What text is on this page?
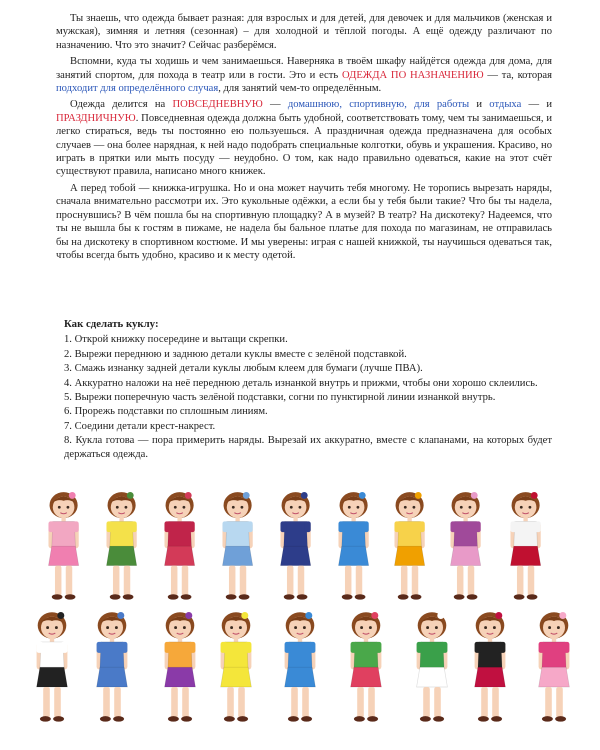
Ты знаешь, что одежда бывает разная: для взрослых и для детей, для девочек и для мальчиков (женская и мужская), зимняя и летняя (сезонная) – для холодной и тёплой погоды. А ещё одежду различают по назначению. Что это значит? Сейчас разберёмся.

Вспомни, куда ты ходишь и чем занимаешься. Наверняка в твоём шкафу найдётся одежда для дома, для занятий спортом, для похода в театр или в гости. Это и есть ОДЕЖДА ПО НАЗНАЧЕНИЮ — та, которая подходит для определённого случая, для занятий чем-то определённым.

Одежда делится на ПОВСЕДНЕВНУЮ — домашнюю, спортивную, для работы и отдыха — и ПРАЗДНИЧНУЮ. Повседневная одежда должна быть удобной, соответствовать тому, чем ты занимаешься, и легко стираться, ведь ты постоянно ею пользуешься. А праздничная одежда предназначена для особых случаев — она более нарядная, к ней надо подобрать специальные колготки, обувь и украшения. Красиво, но играть в прятки или мыть посуду — неудобно. О том, как надо правильно одеваться, какие на этот счёт существуют правила, написано много книжек.

А перед тобой — книжка-игрушка. Но и она может научить тебя многому. Не торопись вырезать наряды, сначала внимательно рассмотри их. Это кукольные одёжки, а если бы у тебя были такие? Что бы ты надела, проснувшись? В чём пошла бы на спортивную площадку? А в музей? В театр? На дискотеку? Надеемся, что ты не вышла бы к гостям в пижаме, не надела бы бальное платье для похода по магазинам, не отправилась бы на дискотеку в спортивном костюме. И мы уверены: играя с нашей книжкой, ты научишься одеваться так, чтобы всегда быть удобно, красиво и к месту одетой.

Как сделать куклу:
1. Открой книжку посередине и вытащи скрепки.
2. Вырежи переднюю и заднюю детали куклы вместе с зелёной подставкой.
3. Смажь изнанку задней детали куклы любым клеем для бумаги (лучше ПВА).
4. Аккуратно наложи на неё переднюю деталь изнанкой внутрь и прижми, чтобы они хорошо склеились.
5. Вырежи поперечную часть зелёной подставки, согни по пунктирной линии изнанкой внутрь.
6. Прорежь подставки по сплошным линиям.
7. Соедини детали крест-накрест.
8. Кукла готова — пора примерить наряды. Вырезай их аккуратно, вместе с клапанами, на которых будет держаться одежда.
